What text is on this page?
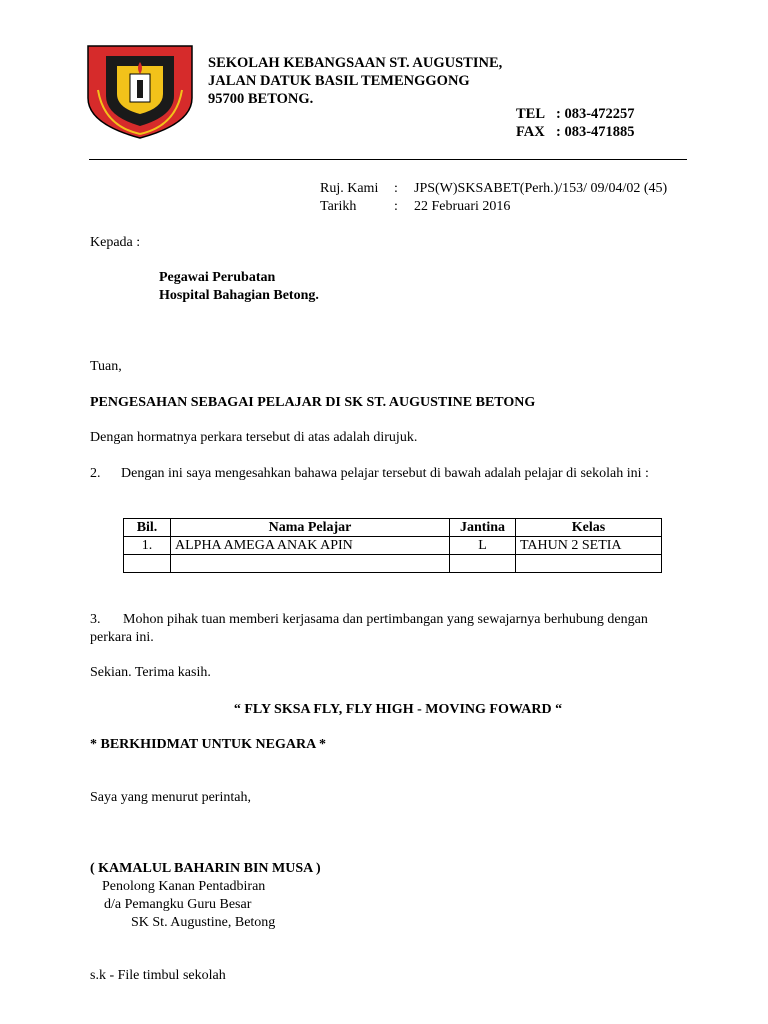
SEKOLAH KEBANGSAAN ST. AUGUSTINE,
JALAN DATUK BASIL TEMENGGONG
95700 BETONG.
TEL : 083-472257
FAX : 083-471885
Ruj. Kami : JPS(W)SKSABET(Perh.)/153/ 09/04/02 (45)
Tarikh	: 22 Februari 2016
Kepada :
Pegawai Perubatan
Hospital Bahagian Betong.
Tuan,
PENGESAHAN SEBAGAI PELAJAR DI SK ST. AUGUSTINE BETONG
Dengan hormatnya perkara tersebut di atas adalah dirujuk.
2. Dengan ini saya mengesahkan bahawa pelajar tersebut di bawah adalah pelajar di sekolah ini :
Bil.	Nama Pelajar	Jantina	Kelas
1.	ALPHA AMEGA ANAK APIN	L	TAHUN 2 SETIA

3. Mohon pihak tuan memberi kerjasama dan pertimbangan yang sewajarnya berhubung dengan perkara ini.
Sekian. Terima kasih.
“ FLY SKSA FLY, FLY HIGH - MOVING FOWARD “
* BERKHIDMAT UNTUK NEGARA *
Saya yang menurut perintah,
( KAMALUL BAHARIN BIN MUSA )
Penolong Kanan Pentadbiran
d/a Pemangku Guru Besar
SK St. Augustine, Betong
s.k - File timbul sekolah
